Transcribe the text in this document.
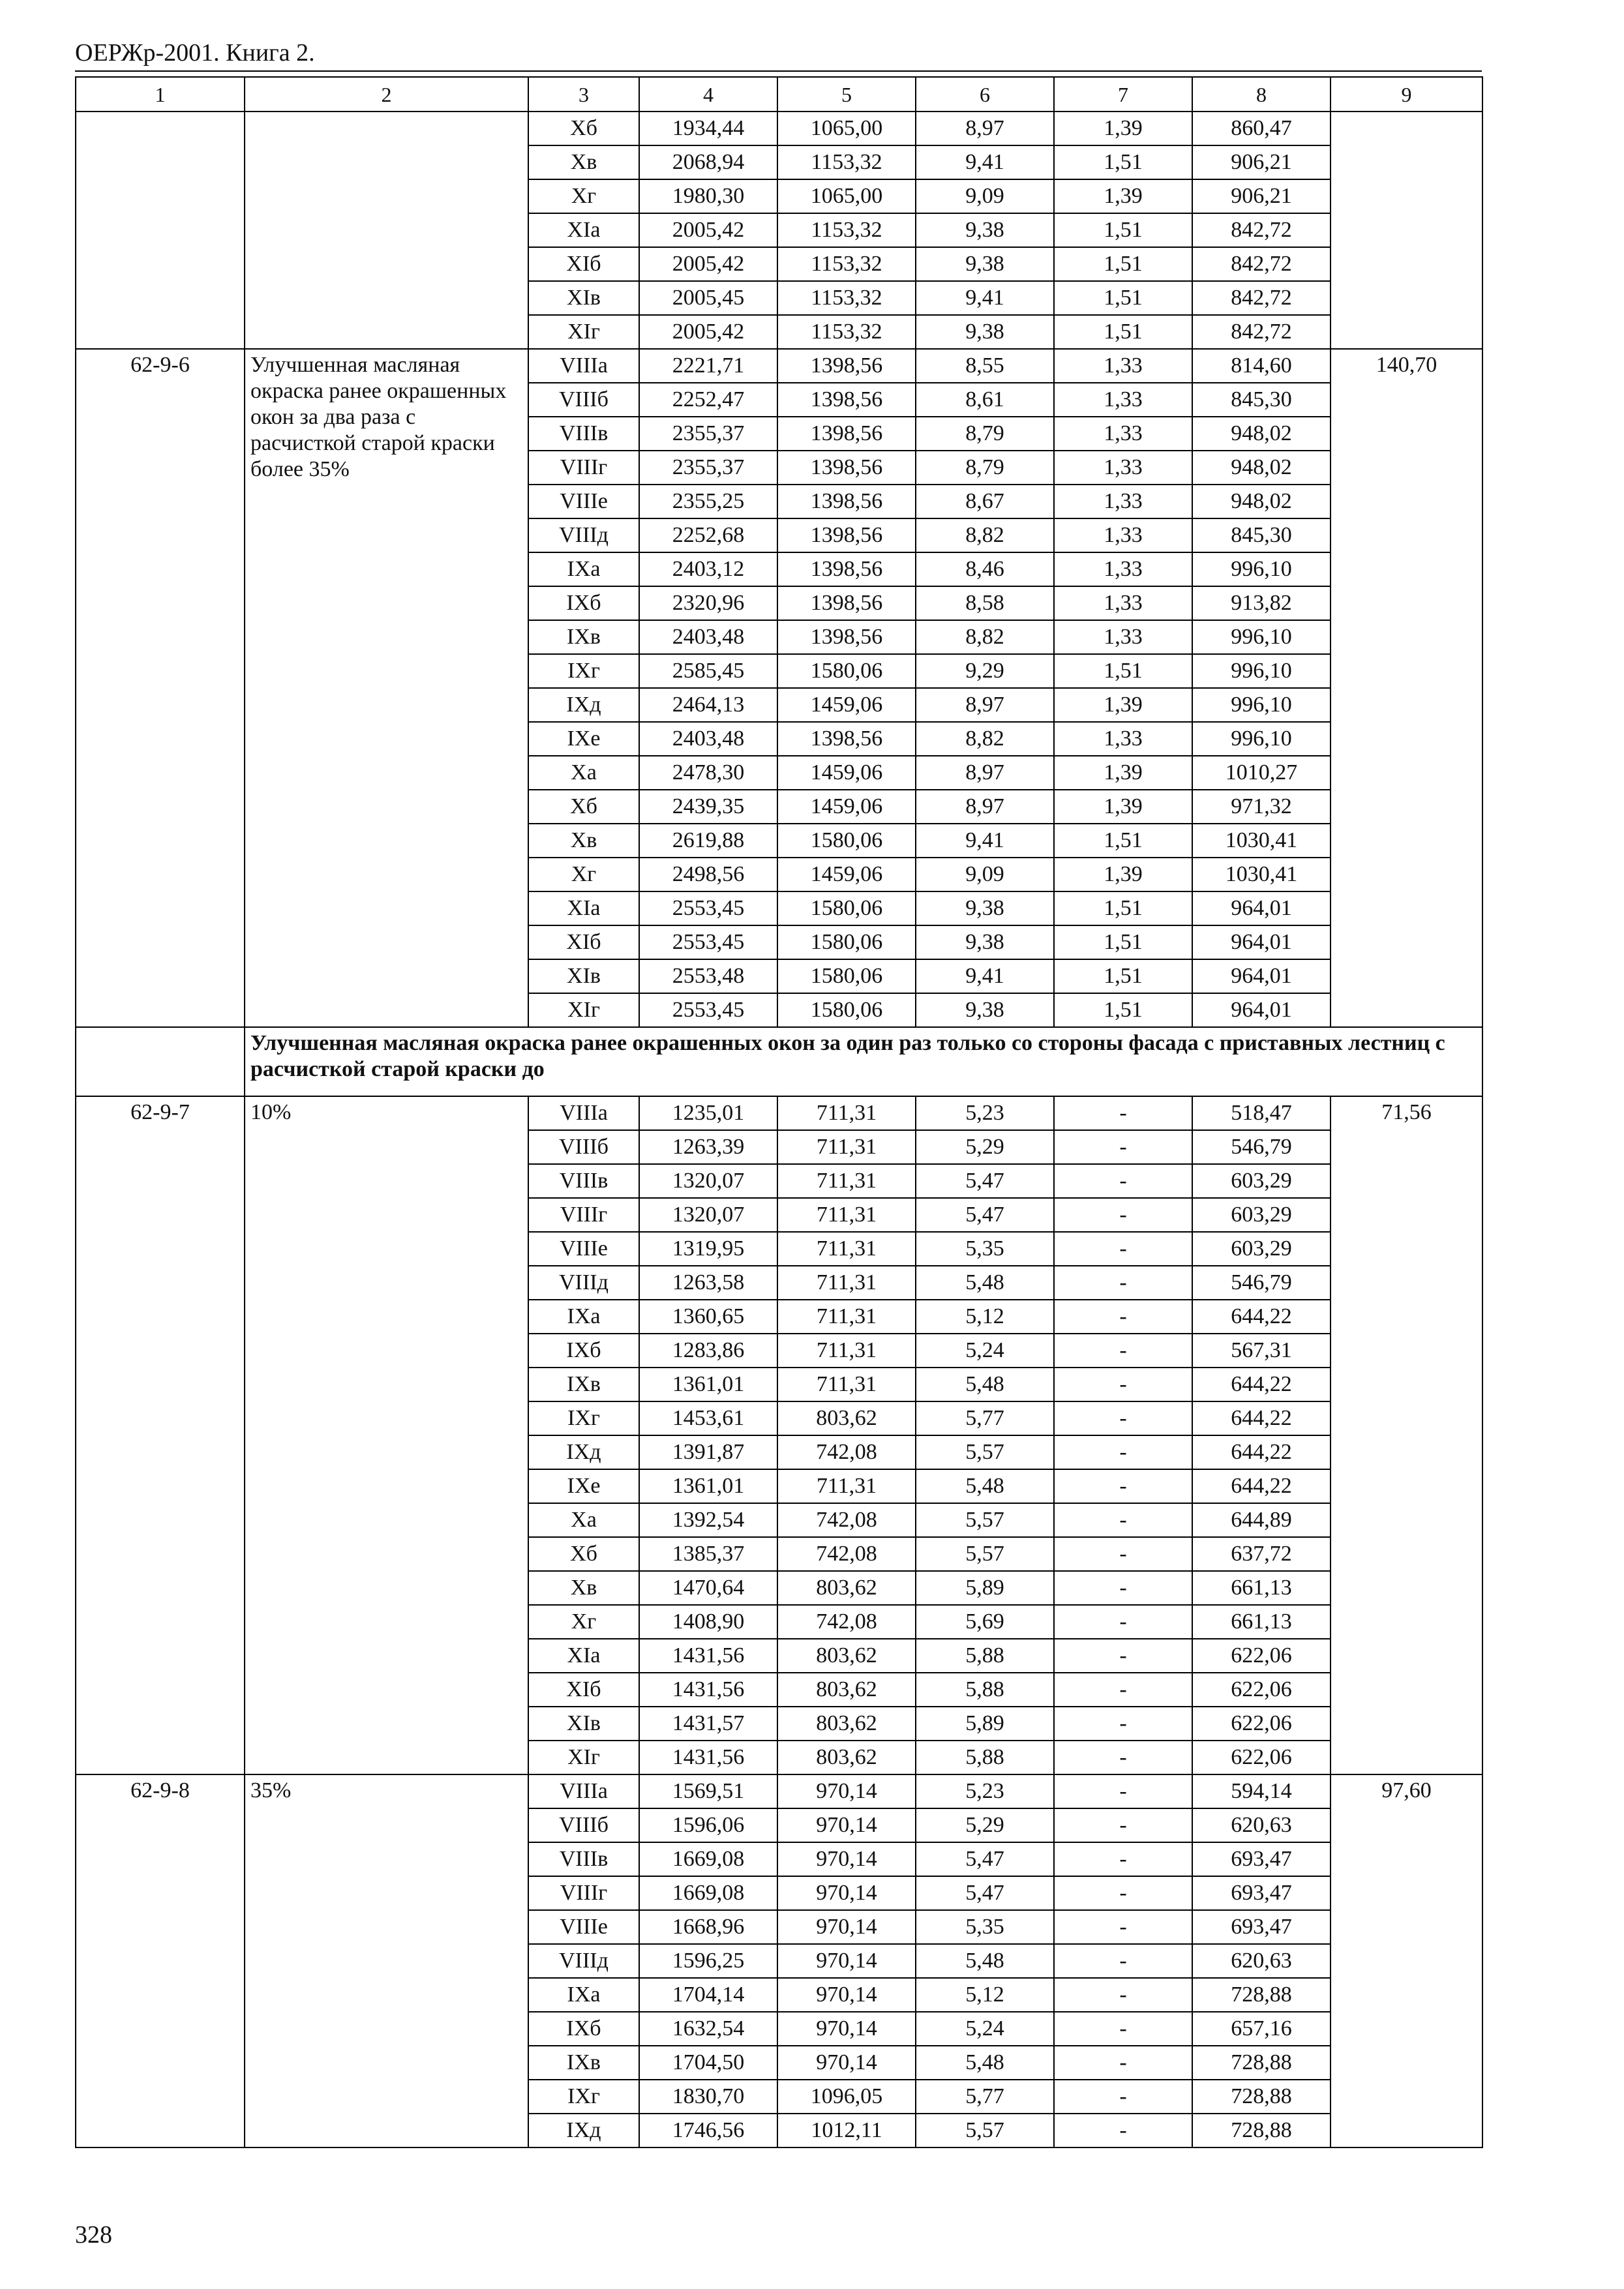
ОЕРЖр-2001. Книга 2.
1	2	3	4	5	6	7	8	9
		Xб	1934,44	1065,00	8,97	1,39	860,47	
		Xв	2068,94	1153,32	9,41	1,51	906,21	
		Xг	1980,30	1065,00	9,09	1,39	906,21	
		XIа	2005,42	1153,32	9,38	1,51	842,72	
		XIб	2005,42	1153,32	9,38	1,51	842,72	
		XIв	2005,45	1153,32	9,41	1,51	842,72	
		XIг	2005,42	1153,32	9,38	1,51	842,72	
62-9-6	Улучшенная масляная окраска ранее окрашенных окон за два раза с расчисткой старой краски более 35%	VIIIа	2221,71	1398,56	8,55	1,33	814,60	140,70
		VIIIб	2252,47	1398,56	8,61	1,33	845,30	
		VIIIв	2355,37	1398,56	8,79	1,33	948,02	
		VIIIг	2355,37	1398,56	8,79	1,33	948,02	
		VIIIе	2355,25	1398,56	8,67	1,33	948,02	
		VIIIд	2252,68	1398,56	8,82	1,33	845,30	
		IXа	2403,12	1398,56	8,46	1,33	996,10	
		IXб	2320,96	1398,56	8,58	1,33	913,82	
		IXв	2403,48	1398,56	8,82	1,33	996,10	
		IXг	2585,45	1580,06	9,29	1,51	996,10	
		IXд	2464,13	1459,06	8,97	1,39	996,10	
		IXе	2403,48	1398,56	8,82	1,33	996,10	
		Xа	2478,30	1459,06	8,97	1,39	1010,27	
		Xб	2439,35	1459,06	8,97	1,39	971,32	
		Xв	2619,88	1580,06	9,41	1,51	1030,41	
		Xг	2498,56	1459,06	9,09	1,39	1030,41	
		XIа	2553,45	1580,06	9,38	1,51	964,01	
		XIб	2553,45	1580,06	9,38	1,51	964,01	
		XIв	2553,48	1580,06	9,41	1,51	964,01	
		XIг	2553,45	1580,06	9,38	1,51	964,01	
	Улучшенная масляная окраска ранее окрашенных окон за один раз только со стороны фасада с приставных лестниц с расчисткой старой краски до							
62-9-7	10%	VIIIа	1235,01	711,31	5,23	-	518,47	71,56
		VIIIб	1263,39	711,31	5,29	-	546,79	
		VIIIв	1320,07	711,31	5,47	-	603,29	
		VIIIг	1320,07	711,31	5,47	-	603,29	
		VIIIе	1319,95	711,31	5,35	-	603,29	
		VIIIд	1263,58	711,31	5,48	-	546,79	
		IXа	1360,65	711,31	5,12	-	644,22	
		IXб	1283,86	711,31	5,24	-	567,31	
		IXв	1361,01	711,31	5,48	-	644,22	
		IXг	1453,61	803,62	5,77	-	644,22	
		IXд	1391,87	742,08	5,57	-	644,22	
		IXе	1361,01	711,31	5,48	-	644,22	
		Xа	1392,54	742,08	5,57	-	644,89	
		Xб	1385,37	742,08	5,57	-	637,72	
		Xв	1470,64	803,62	5,89	-	661,13	
		Xг	1408,90	742,08	5,69	-	661,13	
		XIа	1431,56	803,62	5,88	-	622,06	
		XIб	1431,56	803,62	5,88	-	622,06	
		XIв	1431,57	803,62	5,89	-	622,06	
		XIг	1431,56	803,62	5,88	-	622,06	
62-9-8	35%	VIIIа	1569,51	970,14	5,23	-	594,14	97,60
		VIIIб	1596,06	970,14	5,29	-	620,63	
		VIIIв	1669,08	970,14	5,47	-	693,47	
		VIIIг	1669,08	970,14	5,47	-	693,47	
		VIIIе	1668,96	970,14	5,35	-	693,47	
		VIIIд	1596,25	970,14	5,48	-	620,63	
		IXа	1704,14	970,14	5,12	-	728,88	
		IXб	1632,54	970,14	5,24	-	657,16	
		IXв	1704,50	970,14	5,48	-	728,88	
		IXг	1830,70	1096,05	5,77	-	728,88	
		IXд	1746,56	1012,11	5,57	-	728,88	
328
